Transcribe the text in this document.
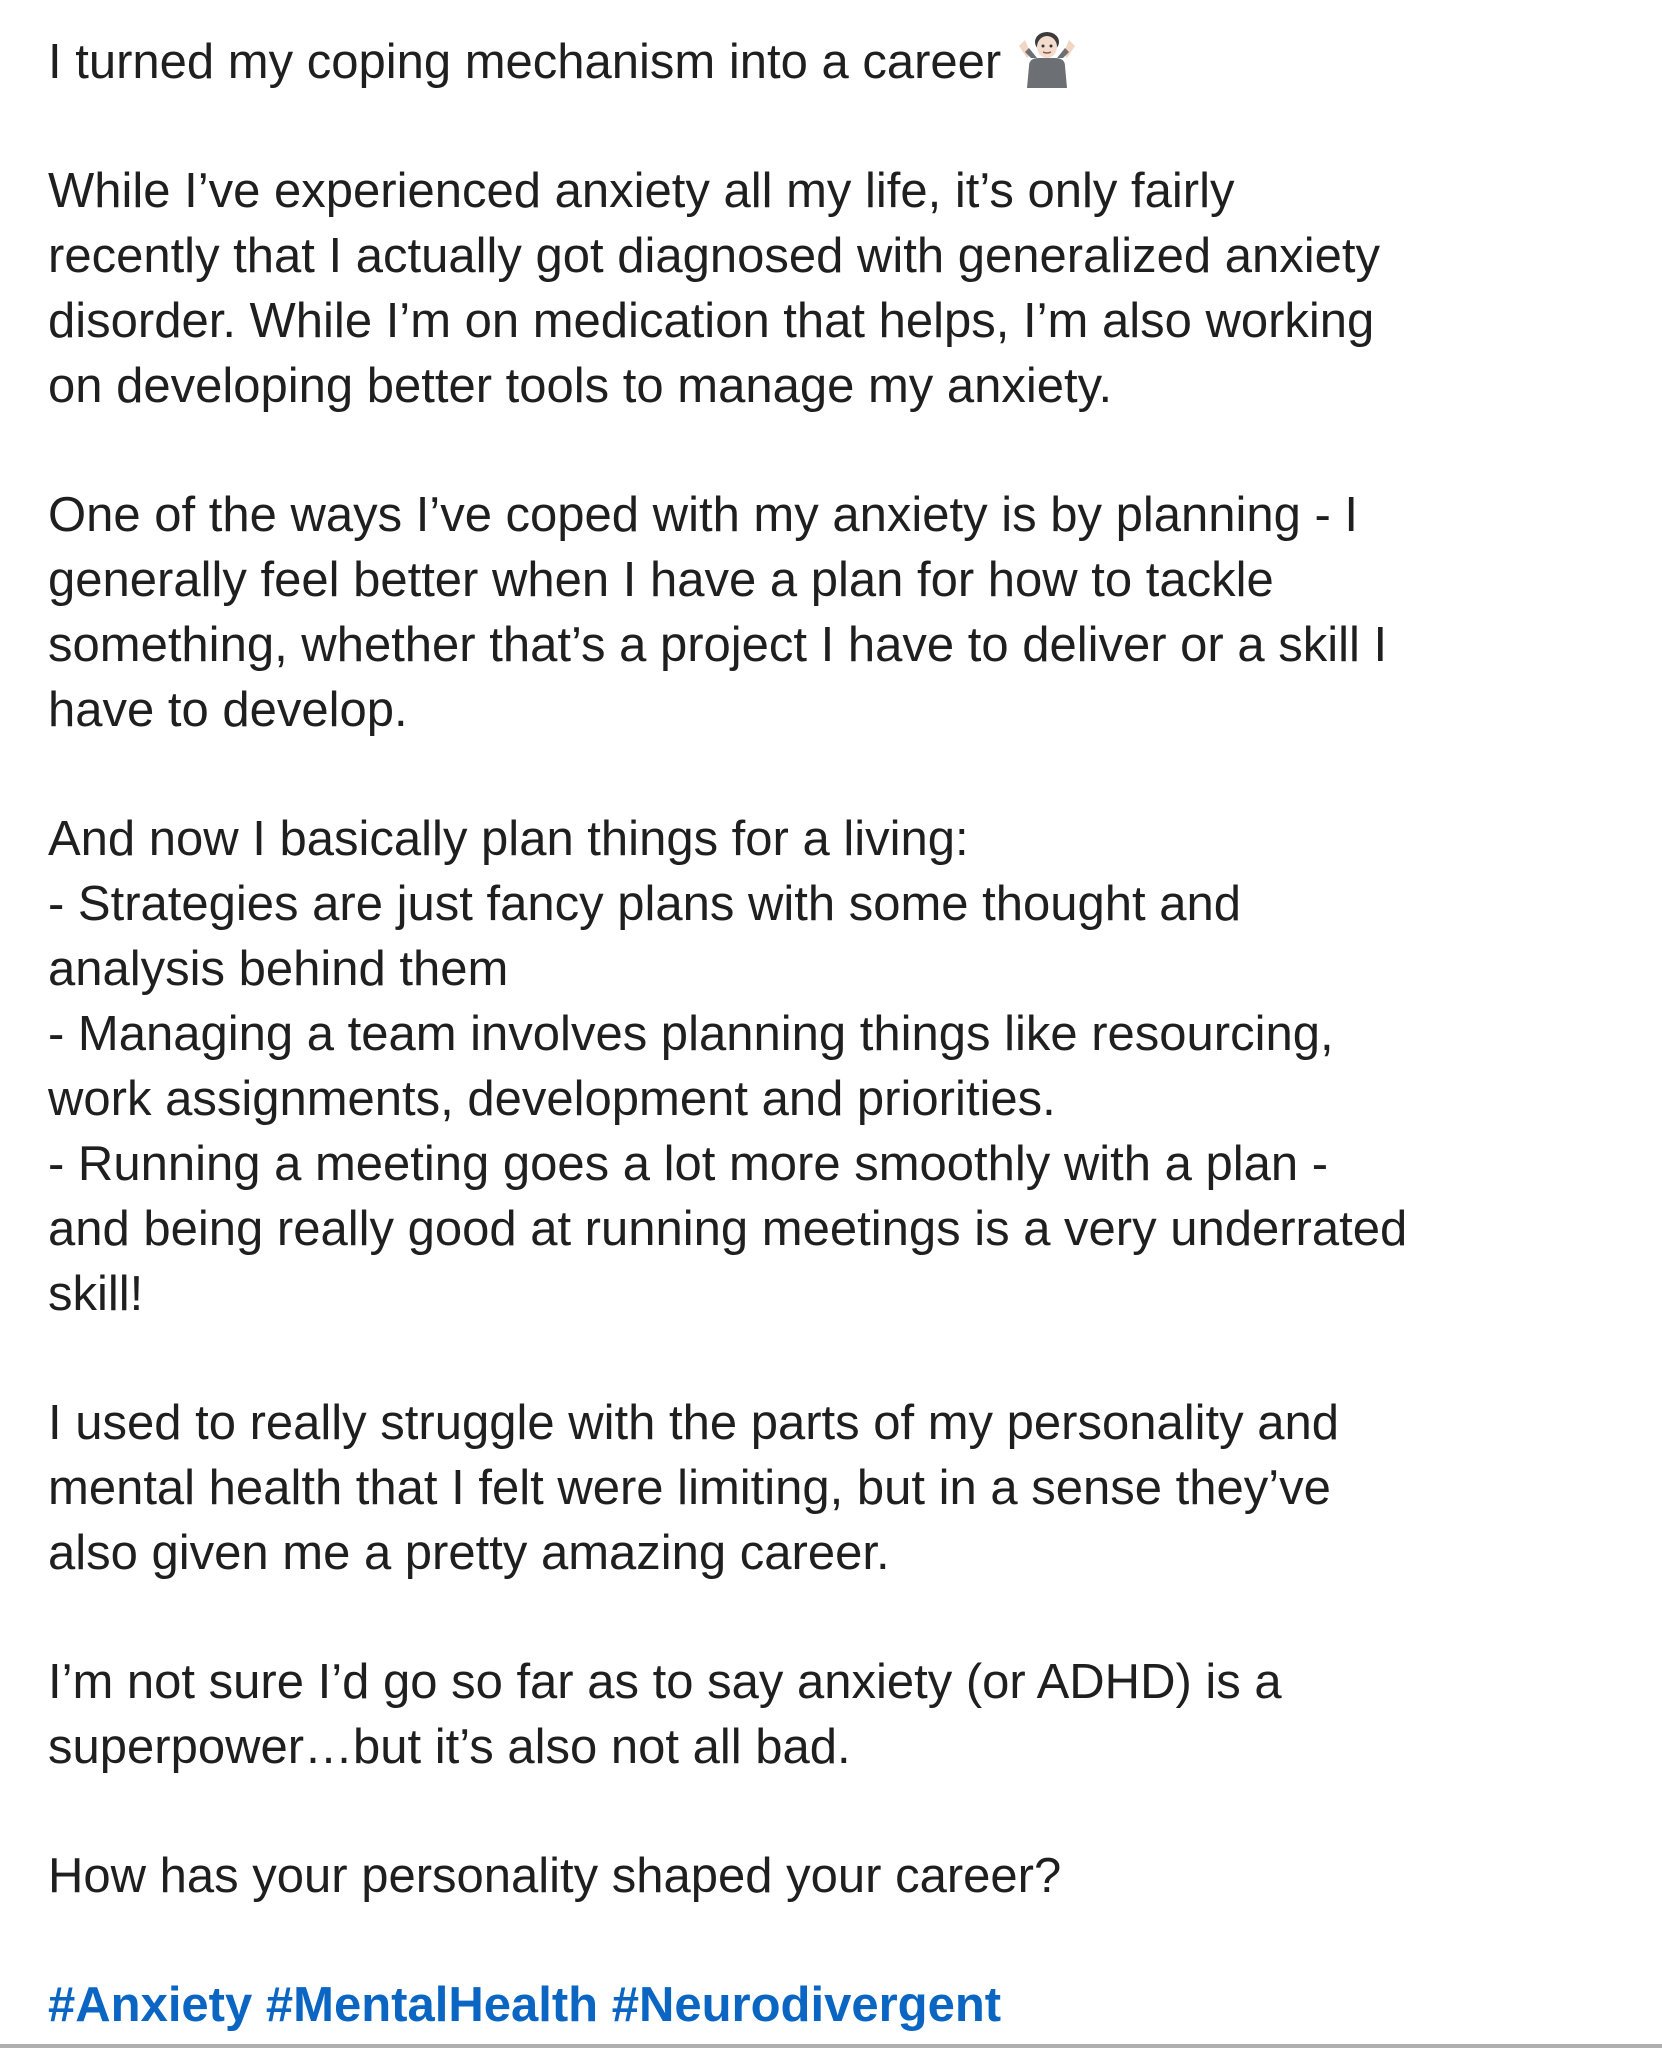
I turned my coping mechanism into a career

While I’ve experienced anxiety all my life, it’s only fairly
recently that I actually got diagnosed with generalized anxiety
disorder. While I’m on medication that helps, I’m also working
on developing better tools to manage my anxiety.

One of the ways I’ve coped with my anxiety is by planning - I
generally feel better when I have a plan for how to tackle
something, whether that’s a project I have to deliver or a skill I
have to develop.

And now I basically plan things for a living:
- Strategies are just fancy plans with some thought and
analysis behind them
- Managing a team involves planning things like resourcing,
work assignments, development and priorities.
- Running a meeting goes a lot more smoothly with a plan -
and being really good at running meetings is a very underrated
skill!

I used to really struggle with the parts of my personality and
mental health that I felt were limiting, but in a sense they’ve
also given me a pretty amazing career.

I’m not sure I’d go so far as to say anxiety (or ADHD) is a
superpower…but it’s also not all bad.

How has your personality shaped your career?

#Anxiety #MentalHealth #Neurodivergent
